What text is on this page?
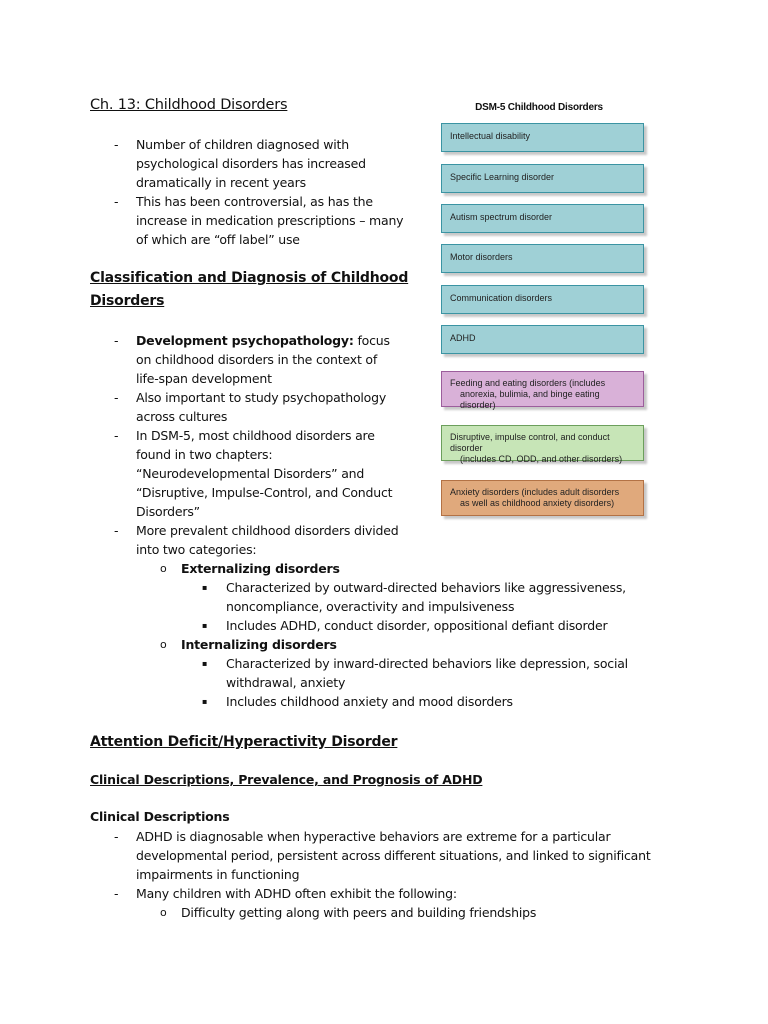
Ch. 13: Childhood Disorders
- Number of children diagnosed with psychological disorders has increased dramatically in recent years
- This has been controversial, as has the increase in medication prescriptions – many of which are “off label” use
Classification and Diagnosis of Childhood
Disorders
- Development psychopathology: focus on childhood disorders in the context of life-span development
- Also important to study psychopathology across cultures
- In DSM-5, most childhood disorders are found in two chapters: “Neurodevelopmental Disorders” and “Disruptive, Impulse-Control, and Conduct Disorders”
- More prevalent childhood disorders divided into two categories:
o Externalizing disorders
▪ Characterized by outward-directed behaviors like aggressiveness, noncompliance, overactivity and impulsiveness
▪ Includes ADHD, conduct disorder, oppositional defiant disorder
o Internalizing disorders
▪ Characterized by inward-directed behaviors like depression, social withdrawal, anxiety
▪ Includes childhood anxiety and mood disorders
Attention Deficit/Hyperactivity Disorder
Clinical Descriptions, Prevalence, and Prognosis of ADHD
Clinical Descriptions
- ADHD is diagnosable when hyperactive behaviors are extreme for a particular developmental period, persistent across different situations, and linked to significant impairments in functioning
- Many children with ADHD often exhibit the following:
o Difficulty getting along with peers and building friendships
DSM-5 Childhood Disorders
Intellectual disability
Specific Learning disorder
Autism spectrum disorder
Motor disorders
Communication disorders
ADHD
Feeding and eating disorders (includes
anorexia, bulimia, and binge eating disorder)
Disruptive, impulse control, and conduct disorder
(includes CD, ODD, and other disorders)
Anxiety disorders (includes adult disorders
as well as childhood anxiety disorders)
